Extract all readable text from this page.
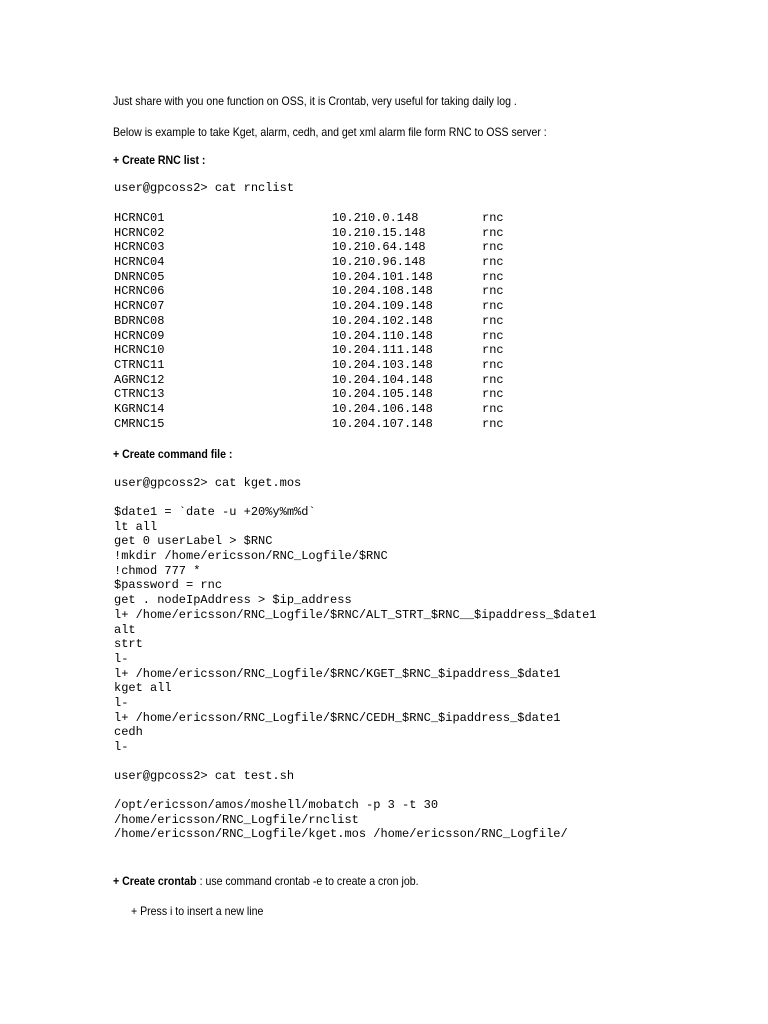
Just share with you one function on OSS, it is Crontab, very useful for taking daily log .
Below is example to take Kget, alarm, cedh, and get xml alarm file form RNC to OSS server :
+ Create RNC list :
user@gpcoss2> cat rnclist
HCRNC01	10.210.0.148	rnc
HCRNC02	10.210.15.148	rnc
HCRNC03	10.210.64.148	rnc
HCRNC04	10.210.96.148	rnc
DNRNC05	10.204.101.148	rnc
HCRNC06	10.204.108.148	rnc
HCRNC07	10.204.109.148	rnc
BDRNC08	10.204.102.148	rnc
HCRNC09	10.204.110.148	rnc
HCRNC10	10.204.111.148	rnc
CTRNC11	10.204.103.148	rnc
AGRNC12	10.204.104.148	rnc
CTRNC13	10.204.105.148	rnc
KGRNC14	10.204.106.148	rnc
CMRNC15	10.204.107.148	rnc
+ Create command file :
user@gpcoss2> cat kget.mos
$date1 = `date -u +20%y%m%d`
lt all
get 0 userLabel > $RNC
!mkdir /home/ericsson/RNC_Logfile/$RNC
!chmod 777 *
$password = rnc
get . nodeIpAddress > $ip_address
l+ /home/ericsson/RNC_Logfile/$RNC/ALT_STRT_$RNC__$ipaddress_$date1
alt
strt
l-
l+ /home/ericsson/RNC_Logfile/$RNC/KGET_$RNC_$ipaddress_$date1
kget all
l-
l+ /home/ericsson/RNC_Logfile/$RNC/CEDH_$RNC_$ipaddress_$date1
cedh
l-
user@gpcoss2> cat test.sh
/opt/ericsson/amos/moshell/mobatch -p 3 -t 30
/home/ericsson/RNC_Logfile/rnclist
/home/ericsson/RNC_Logfile/kget.mos /home/ericsson/RNC_Logfile/
+ Create crontab : use command crontab -e to create a cron job.
+ Press i to insert a new line
